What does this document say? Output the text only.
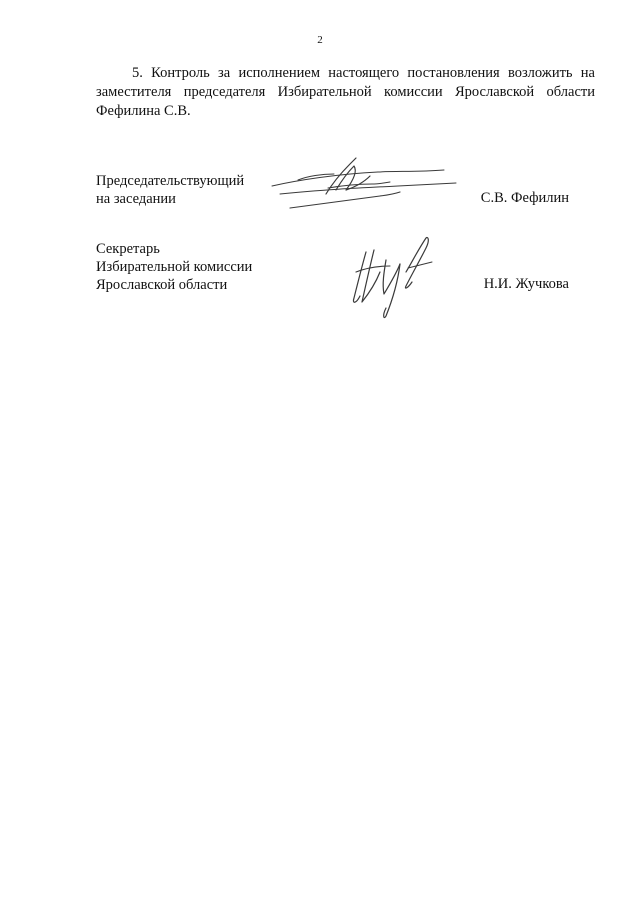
2
5. Контроль за исполнением настоящего постановления возложить на заместителя председателя Избирательной комиссии Ярославской области Фефилина С.В.
Председательствующий
на заседании	С.В. Фефилин
Секретарь
Избирательной комиссии
Ярославской области	Н.И. Жучкова
